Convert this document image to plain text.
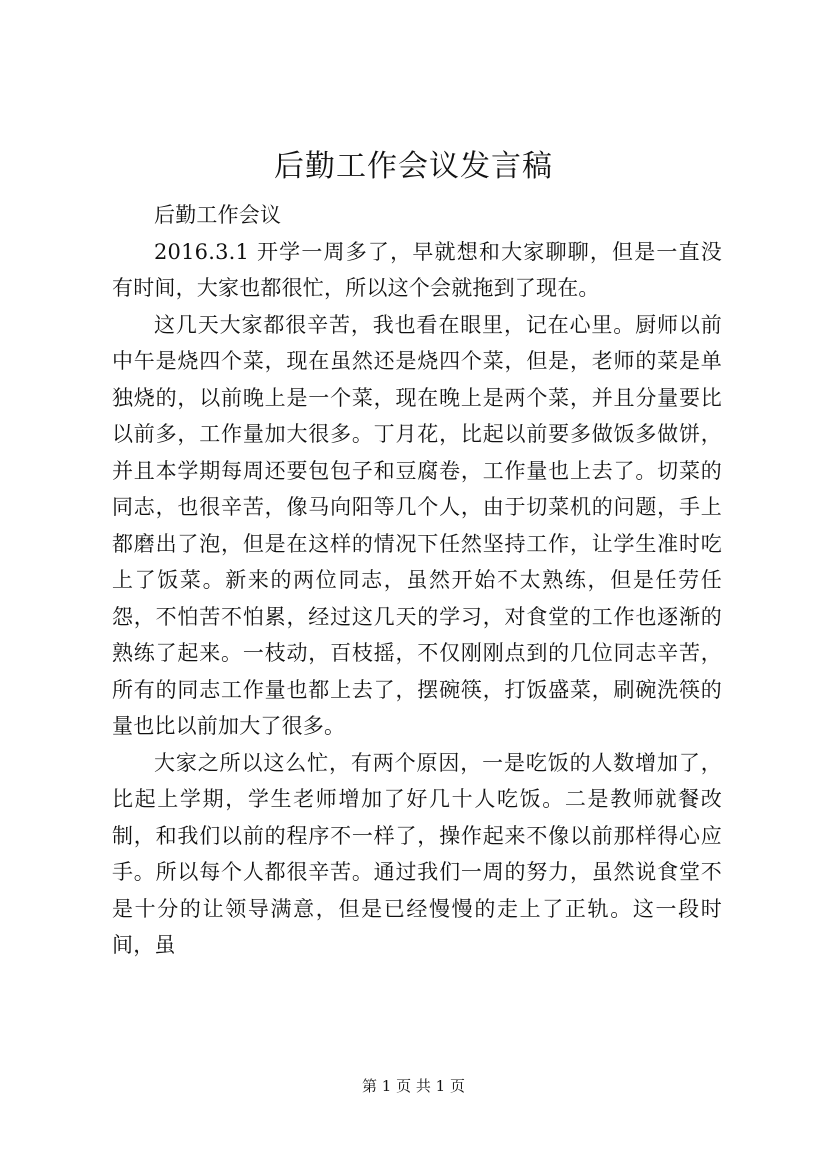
后勤工作会议发言稿

后勤工作会议

2016.3.1 开学一周多了，早就想和大家聊聊，但是一直没有时间，大家也都很忙，所以这个会就拖到了现在。

这几天大家都很辛苦，我也看在眼里，记在心里。厨师以前中午是烧四个菜，现在虽然还是烧四个菜，但是，老师的菜是单独烧的，以前晚上是一个菜，现在晚上是两个菜，并且分量要比以前多，工作量加大很多。丁月花，比起以前要多做饭多做饼，并且本学期每周还要包包子和豆腐卷，工作量也上去了。切菜的同志，也很辛苦，像马向阳等几个人，由于切菜机的问题，手上都磨出了泡，但是在这样的情况下任然坚持工作，让学生准时吃上了饭菜。新来的两位同志，虽然开始不太熟练，但是任劳任怨，不怕苦不怕累，经过这几天的学习，对食堂的工作也逐渐的熟练了起来。一枝动，百枝摇，不仅刚刚点到的几位同志辛苦，所有的同志工作量也都上去了，摆碗筷，打饭盛菜，刷碗洗筷的量也比以前加大了很多。

大家之所以这么忙，有两个原因，一是吃饭的人数增加了，比起上学期，学生老师增加了好几十人吃饭。二是教师就餐改制，和我们以前的程序不一样了，操作起来不像以前那样得心应手。所以每个人都很辛苦。通过我们一周的努力，虽然说食堂不是十分的让领导满意，但是已经慢慢的走上了正轨。这一段时间，虽

第 1 页 共 1 页
